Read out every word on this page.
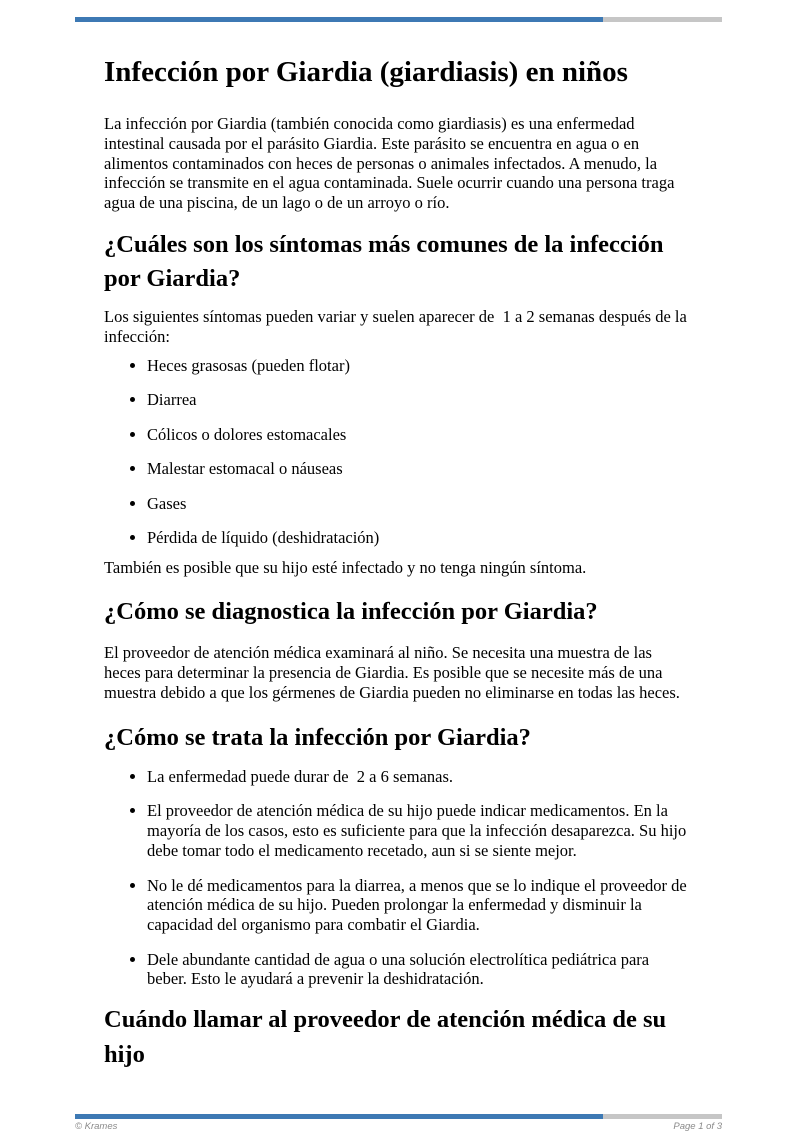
Infección por Giardia (giardiasis) en niños

La infección por Giardia (también conocida como giardiasis) es una enfermedad intestinal causada por el parásito Giardia. Este parásito se encuentra en agua o en alimentos contaminados con heces de personas o animales infectados. A menudo, la infección se transmite en el agua contaminada. Suele ocurrir cuando una persona traga agua de una piscina, de un lago o de un arroyo o río.

¿Cuáles son los síntomas más comunes de la infección por Giardia?

Los siguientes síntomas pueden variar y suelen aparecer de  1 a 2 semanas después de la infección:

• Heces grasosas (pueden flotar)
• Diarrea
• Cólicos o dolores estomacales
• Malestar estomacal o náuseas
• Gases
• Pérdida de líquido (deshidratación)

También es posible que su hijo esté infectado y no tenga ningún síntoma.

¿Cómo se diagnostica la infección por Giardia?

El proveedor de atención médica examinará al niño. Se necesita una muestra de las heces para determinar la presencia de Giardia. Es posible que se necesite más de una muestra debido a que los gérmenes de Giardia pueden no eliminarse en todas las heces.

¿Cómo se trata la infección por Giardia?
• La enfermedad puede durar de  2 a 6 semanas.
• El proveedor de atención médica de su hijo puede indicar medicamentos. En la mayoría de los casos, esto es suficiente para que la infección desaparezca. Su hijo debe tomar todo el medicamento recetado, aun si se siente mejor.
• No le dé medicamentos para la diarrea, a menos que se lo indique el proveedor de atención médica de su hijo. Pueden prolongar la enfermedad y disminuir la capacidad del organismo para combatir el Giardia.
• Dele abundante cantidad de agua o una solución electrolítica pediátrica para beber. Esto le ayudará a prevenir la deshidratación.
Cuándo llamar al proveedor de atención médica de su hijo
© Krames	Page 1 of 3
